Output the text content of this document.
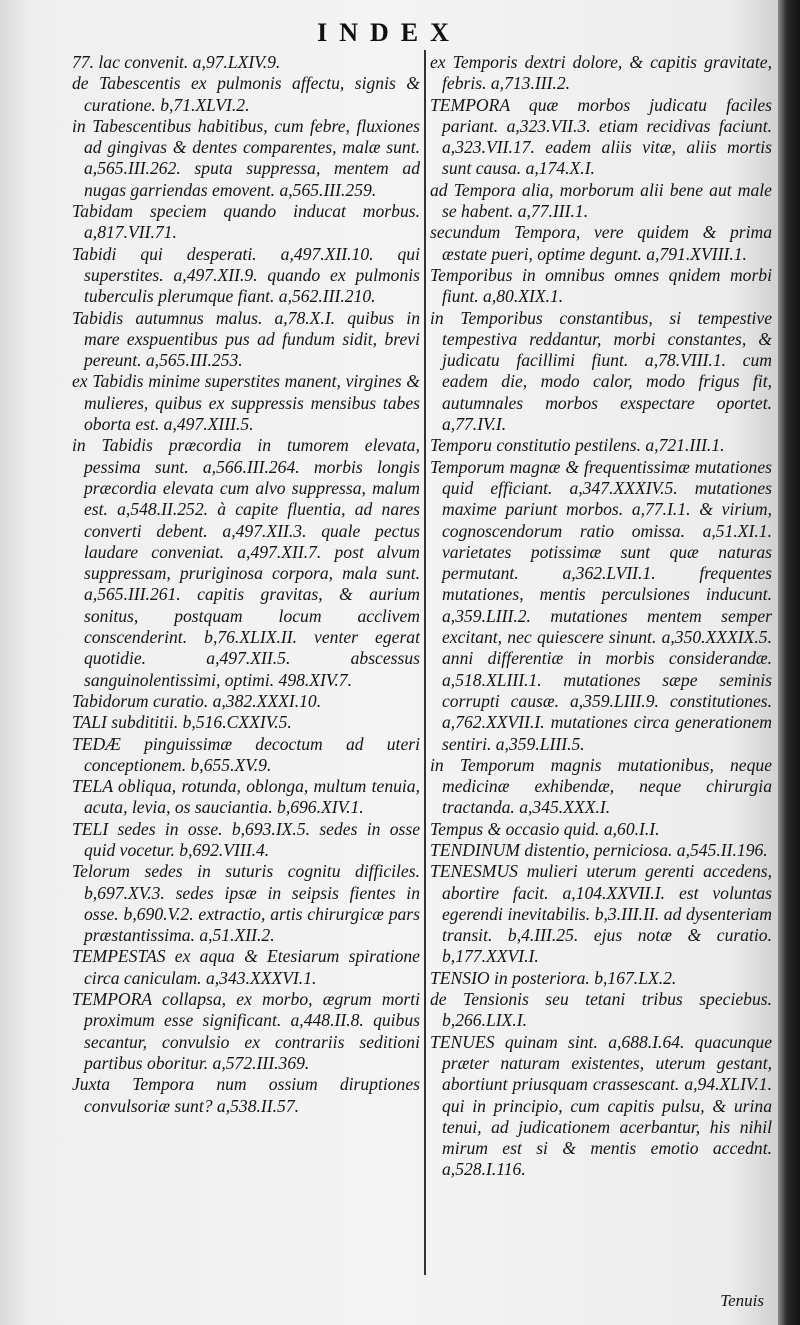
INDEX

77. lac convenit. a,97.LXIV.9.

de Tabescentis ex pulmonis affectu, signis & curatione. b,71.XLVI.2.

in Tabescentibus habitibus, cum febre, fluxiones ad gingivas & dentes comparentes, malæ sunt. a,565.III.262. sputa suppressa, mentem ad nugas garriendas emovent. a,565.III.259.

Tabidam speciem quando inducat morbus. a,817.VII.71.

Tabidi qui desperati. a,497.XII.10. qui superstites. a,497.XII.9. quando ex pulmonis tuberculis plerumque fiant. a,562.III.210.

Tabidis autumnus malus. a,78.X.I. quibus in mare exspuentibus pus ad fundum sidit, brevi pereunt. a,565.III.253.

ex Tabidis minime superstites manent, virgines & mulieres, quibus ex suppressis mensibus tabes oborta est. a,497.XIII.5.

in Tabidis præcordia in tumorem elevata, pessima sunt. a,566.III.264. morbis longis præcordia elevata cum alvo suppressa, malum est. a,548.II.252. à capite fluentia, ad nares converti debent. a,497.XII.3. quale pectus laudare conveniat. a,497.XII.7. post alvum suppressam, pruriginosa corpora, mala sunt. a,565.III.261. capitis gravitas, & aurium sonitus, postquam locum acclivem conscenderint. b,76.XLIX.II. venter egerat quotidie. a,497.XII.5. abscessus sanguinolentissimi, optimi. 498.XIV.7.

Tabidorum curatio. a,382.XXXI.10.

TALI subdititii. b,516.CXXIV.5.

TEDÆ pinguissimæ decoctum ad uteri conceptionem. b,655.XV.9.

TELA obliqua, rotunda, oblonga, multum tenuia, acuta, levia, os sauciantia. b,696.XIV.1.

TELI sedes in osse. b,693.IX.5. sedes in osse quid vocetur. b,692.VIII.4.

Telorum sedes in suturis cognitu difficiles. b,697.XV.3. sedes ipsæ in seipsis fientes in osse. b,690.V.2. extractio, artis chirurgicæ pars præstantissima. a,51.XII.2.

TEMPESTAS ex aqua & Etesiarum spiratione circa caniculam. a,343.XXXVI.1.

TEMPORA collapsa, ex morbo, ægrum morti proximum esse significant. a,448.II.8. quibus secantur, convulsio ex contrariis seditioni partibus oboritur. a,572.III.369.

Juxta Tempora num ossium diruptiones convulsoriæ sunt? a,538.II.57.

ex Temporis dextri dolore, & capitis gravitate, febris. a,713.III.2.

TEMPORA quæ morbos judicatu faciles pariant. a,323.VII.3. etiam recidivas faciunt. a,323.VII.17. eadem aliis vitæ, aliis mortis sunt causa. a,174.X.I.

ad Tempora alia, morborum alii bene aut male se habent. a,77.III.1.

secundum Tempora, vere quidem & prima æstate pueri, optime degunt. a,791.XVIII.1.

Temporibus in omnibus omnes qnidem morbi fiunt. a,80.XIX.1.

in Temporibus constantibus, si tempestive tempestiva reddantur, morbi constantes, & judicatu facillimi fiunt. a,78.VIII.1. cum eadem die, modo calor, modo frigus fit, autumnales morbos exspectare oportet. a,77.IV.I.

Temporu constitutio pestilens. a,721.III.1.

Temporum magnæ & frequentissimæ mutationes quid efficiant. a,347.XXXIV.5. mutationes maxime pariunt morbos. a,77.I.1. & virium, cognoscendorum ratio omissa. a,51.XI.1. varietates potissimæ sunt quæ naturas permutant. a,362.LVII.1. frequentes mutationes, mentis perculsiones inducunt. a,359.LIII.2. mutationes mentem semper excitant, nec quiescere sinunt. a,350.XXXIX.5. anni differentiæ in morbis considerandæ. a,518.XLIII.1. mutationes sæpe seminis corrupti causæ. a,359.LIII.9. constitutiones. a,762.XXVII.I. mutationes circa generationem sentiri. a,359.LIII.5.

in Temporum magnis mutationibus, neque medicinæ exhibendæ, neque chirurgia tractanda. a,345.XXX.I.

Tempus & occasio quid. a,60.I.I.

TENDINUM distentio, perniciosa. a,545.II.196.

TENESMUS mulieri uterum gerenti accedens, abortire facit. a,104.XXVII.I. est voluntas egerendi inevitabilis. b,3.III.II. ad dysenteriam transit. b,4.III.25. ejus notæ & curatio. b,177.XXVI.I.

TENSIO in posteriora. b,167.LX.2.

de Tensionis seu tetani tribus speciebus. b,266.LIX.I.

TENUES quinam sint. a,688.I.64. quacunque præter naturam existentes, uterum gestant, abortiunt priusquam crassescant. a,94.XLIV.1. qui in principio, cum capitis pulsu, & urina tenui, ad judicationem acerbantur, his nihil mirum est si & mentis emotio accednt. a,528.I.116.

Tenuis
